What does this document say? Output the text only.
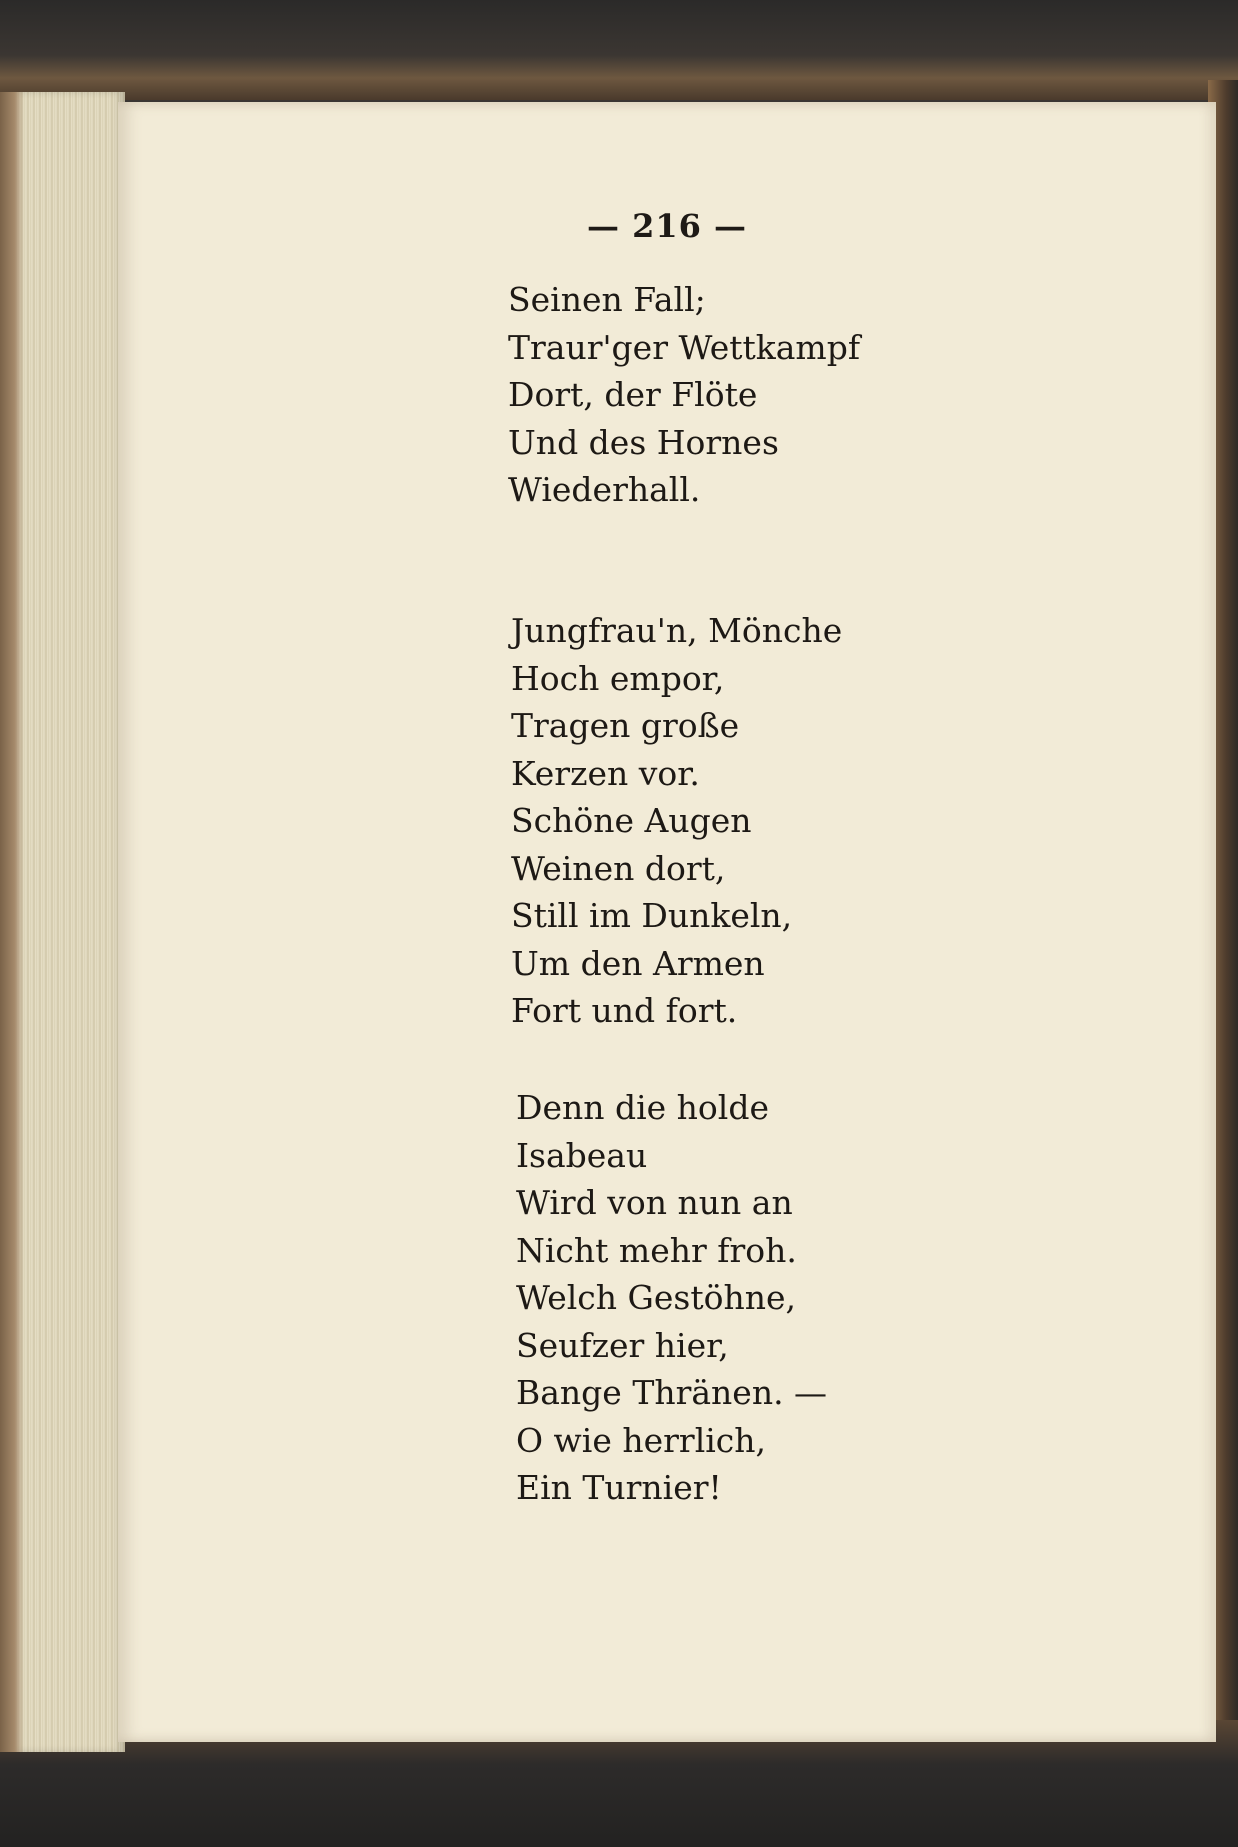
— 216 —
Seinen Fall;
Traur'ger Wettkampf
Dort, der Flöte
Und des Hornes
Wiederhall.
Jungfrau'n, Mönche
Hoch empor,
Tragen große
Kerzen vor.
Schöne Augen
Weinen dort,
Still im Dunkeln,
Um den Armen
Fort und fort.
Denn die holde
Isabeau
Wird von nun an
Nicht mehr froh.
Welch Gestöhne,
Seufzer hier,
Bange Thränen. —
O wie herrlich,
Ein Turnier!
